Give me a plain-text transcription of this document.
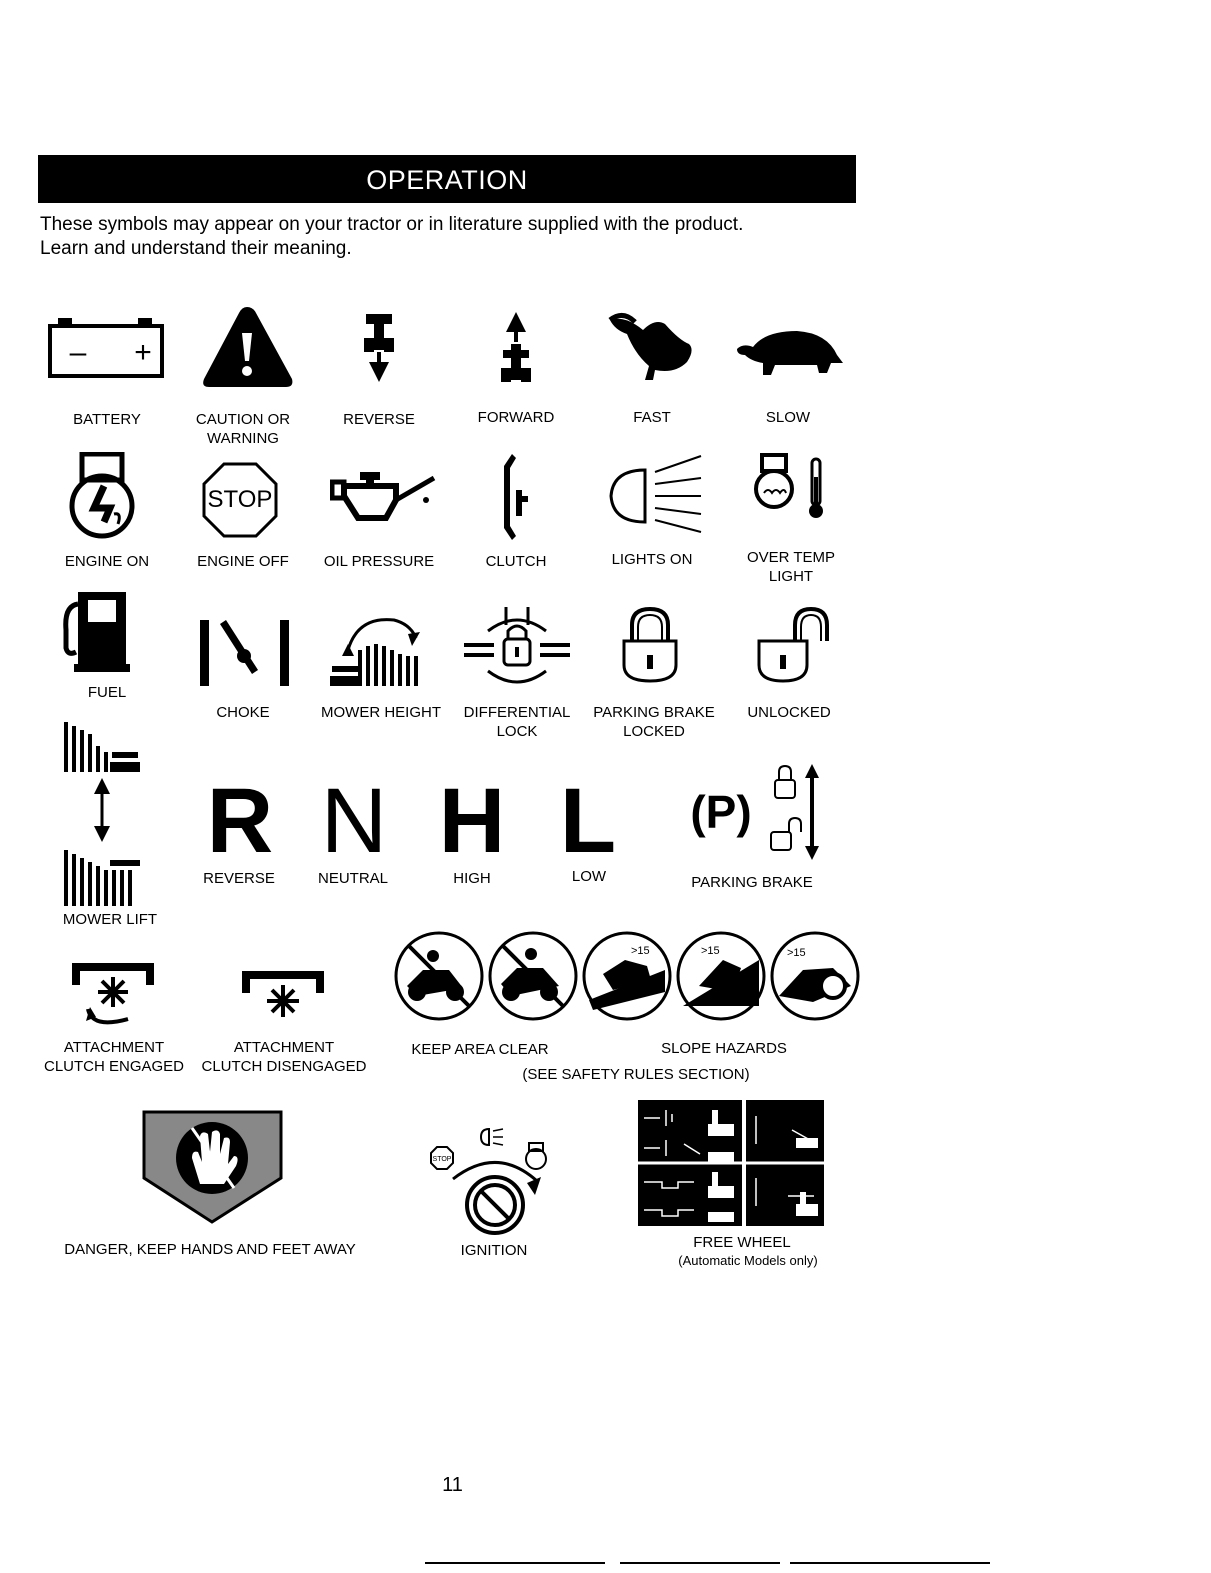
OPERATION
These symbols may appear on your tractor or in literature supplied with the product.
Learn and understand their meaning.
– +
BATTERY	CAUTION OR
WARNING
REVERSE	FORWARD	FAST	SLOW
ENGINE ON
STOP
ENGINE OFF	OIL PRESSURE	CLUTCH	LIGHTS ON	OVER TEMP
LIGHT
FUEL
CHOKE	MOWER HEIGHT	DIFFERENTIAL
LOCK
PARKING BRAKE
LOCKED
UNLOCKED
MOWER LIFT
R
REVERSE
N
NEUTRAL
H
HIGH
L
LOW
(P)
PARKING BRAKE
ATTACHMENT
CLUTCH ENGAGED
ATTACHMENT
CLUTCH DISENGAGED
>15	>15	>15
KEEP AREA CLEAR	SLOPE HAZARDS
(SEE SAFETY RULES SECTION)
DANGER, KEEP HANDS AND FEET AWAY
STOP
IGNITION	FREE WHEEL
(Automatic Models only)
11
